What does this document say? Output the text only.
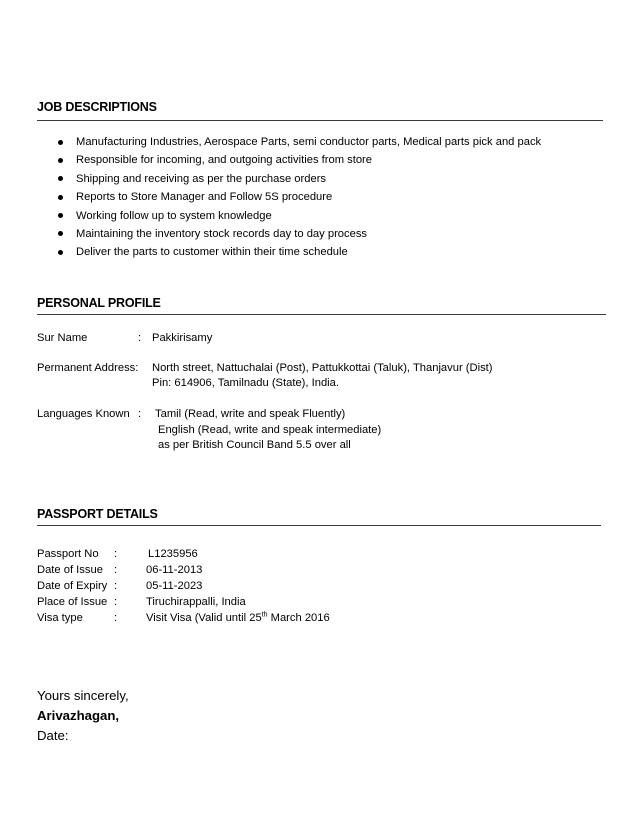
JOB DESCRIPTIONS
Manufacturing Industries, Aerospace Parts, semi conductor parts, Medical parts pick and pack
Responsible for incoming, and outgoing activities from store
Shipping and receiving as per the purchase orders
Reports to Store Manager and Follow 5S procedure
Working follow up to system knowledge
Maintaining the inventory stock records day to day process
Deliver the parts to customer within their time schedule
PERSONAL PROFILE
Sur Name	: Pakkirisamy
Permanent Address: North street, Nattuchalai (Post), Pattukkottai (Taluk), Thanjavur (Dist)
Pin: 614906, Tamilnadu (State), India.
Languages Known : Tamil (Read, write and speak Fluently)
English (Read, write and speak intermediate)
as per British Council Band 5.5 over all
PASSPORT DETAILS
Passport No :	L1235956
Date of Issue :	06-11-2013
Date of Expiry :	05-11-2023
Place of Issue :	Tiruchirappalli, India
Visa type	:	Visit Visa (Valid until 25th March 2016
Yours sincerely,
Arivazhagan,
Date:
